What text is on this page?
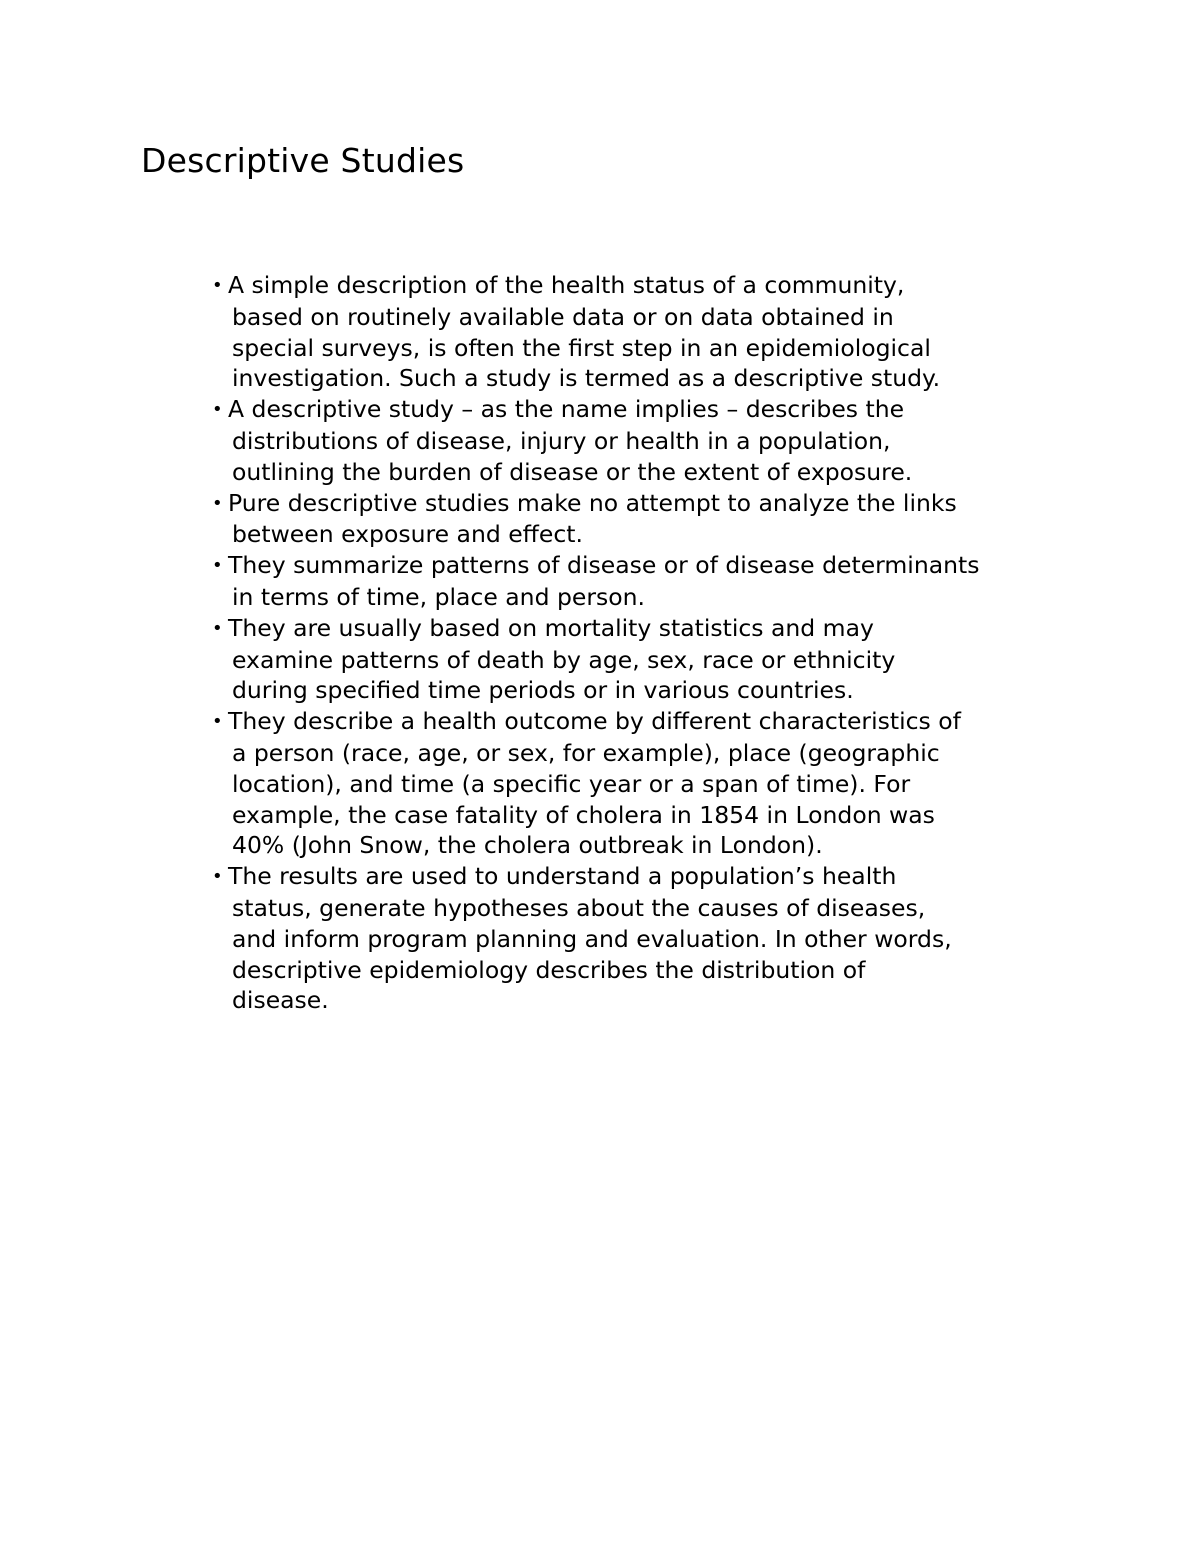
Descriptive Studies
• A simple description of the health status of a community,
based on routinely available data or on data obtained in
special surveys, is often the first step in an epidemiological
investigation. Such a study is termed as a descriptive study.
• A descriptive study – as the name implies – describes the
distributions of disease, injury or health in a population,
outlining the burden of disease or the extent of exposure.
• Pure descriptive studies make no attempt to analyze the links
between exposure and effect.
• They summarize patterns of disease or of disease determinants
in terms of time, place and person.
• They are usually based on mortality statistics and may
examine patterns of death by age, sex, race or ethnicity
during specified time periods or in various countries.
• They describe a health outcome by different characteristics of
a person (race, age, or sex, for example), place (geographic
location), and time (a specific year or a span of time). For
example, the case fatality of cholera in 1854 in London was
40% (John Snow, the cholera outbreak in London).
• The results are used to understand a population’s health
status, generate hypotheses about the causes of diseases,
and inform program planning and evaluation. In other words,
descriptive epidemiology describes the distribution of
disease.
